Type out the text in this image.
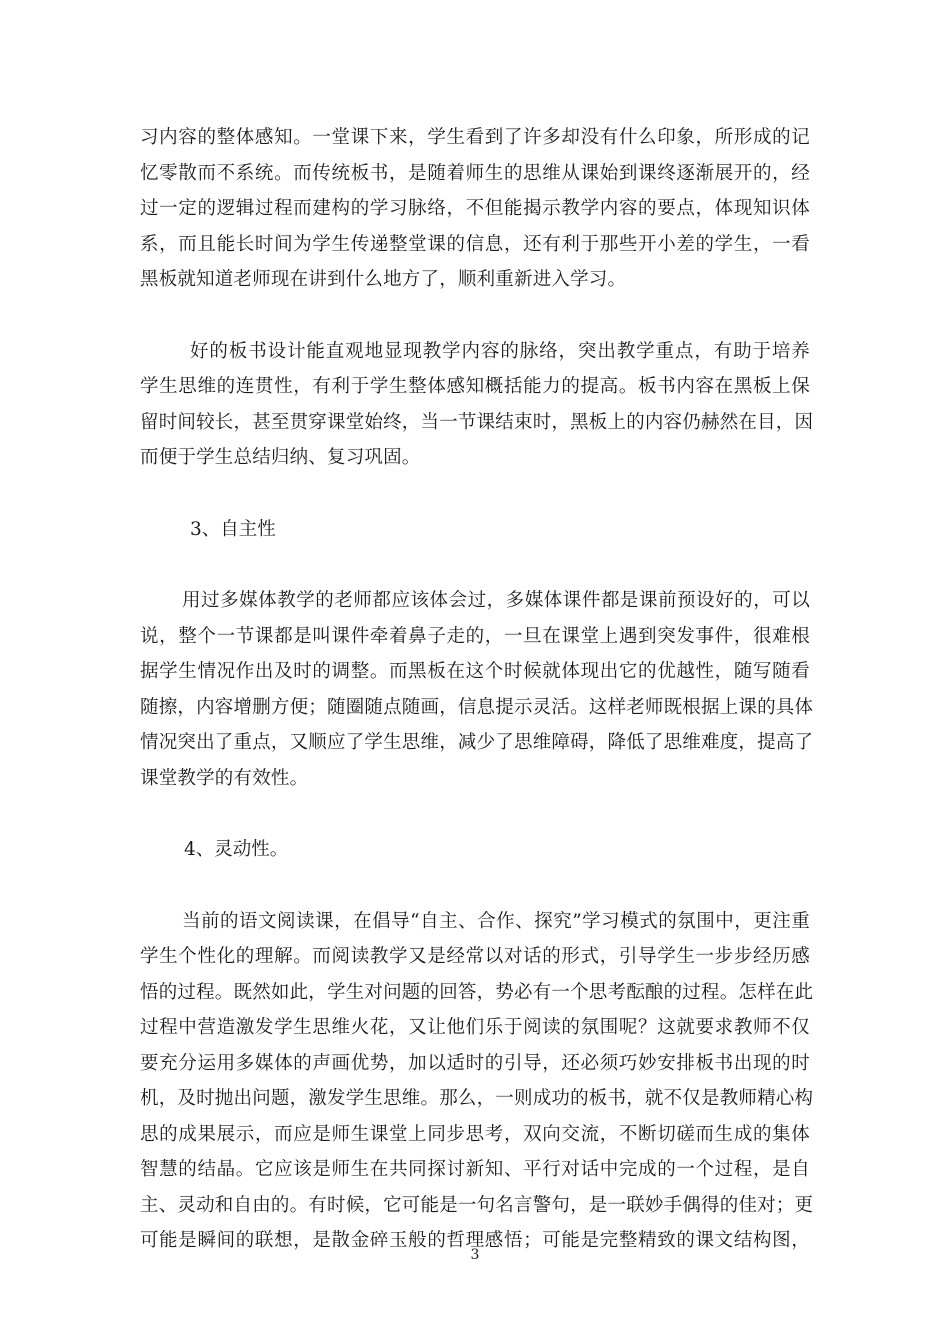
习内容的整体感知。一堂课下来，学生看到了许多却没有什么印象，所形成的记
忆零散而不系统。而传统板书，是随着师生的思维从课始到课终逐渐展开的，经
过一定的逻辑过程而建构的学习脉络，不但能揭示教学内容的要点，体现知识体
系，而且能长时间为学生传递整堂课的信息，还有利于那些开小差的学生，一看
黑板就知道老师现在讲到什么地方了，顺利重新进入学习。

好的板书设计能直观地显现教学内容的脉络，突出教学重点，有助于培养
学生思维的连贯性，有利于学生整体感知概括能力的提高。板书内容在黑板上保
留时间较长，甚至贯穿课堂始终，当一节课结束时，黑板上的内容仍赫然在目，因
而便于学生总结归纳、复习巩固。

3、自主性

用过多媒体教学的老师都应该体会过，多媒体课件都是课前预设好的，可以
说，整个一节课都是叫课件牵着鼻子走的，一旦在课堂上遇到突发事件，很难根
据学生情况作出及时的调整。而黑板在这个时候就体现出它的优越性，随写随看
随擦，内容增删方便；随圈随点随画，信息提示灵活。这样老师既根据上课的具体
情况突出了重点，又顺应了学生思维，减少了思维障碍，降低了思维难度，提高了
课堂教学的有效性。

4、灵动性。

当前的语文阅读课，在倡导“自主、合作、探究”学习模式的氛围中，更注重
学生个性化的理解。而阅读教学又是经常以对话的形式，引导学生一步步经历感
悟的过程。既然如此，学生对问题的回答，势必有一个思考酝酿的过程。怎样在此
过程中营造激发学生思维火花，又让他们乐于阅读的氛围呢？这就要求教师不仅
要充分运用多媒体的声画优势，加以适时的引导，还必须巧妙安排板书出现的时
机，及时抛出问题，激发学生思维。那么，一则成功的板书，就不仅是教师精心构
思的成果展示，而应是师生课堂上同步思考，双向交流，不断切磋而生成的集体
智慧的结晶。它应该是师生在共同探讨新知、平行对话中完成的一个过程，是自
主、灵动和自由的。有时候，它可能是一句名言警句，是一联妙手偶得的佳对；更
可能是瞬间的联想，是散金碎玉般的哲理感悟；可能是完整精致的课文结构图，

3
